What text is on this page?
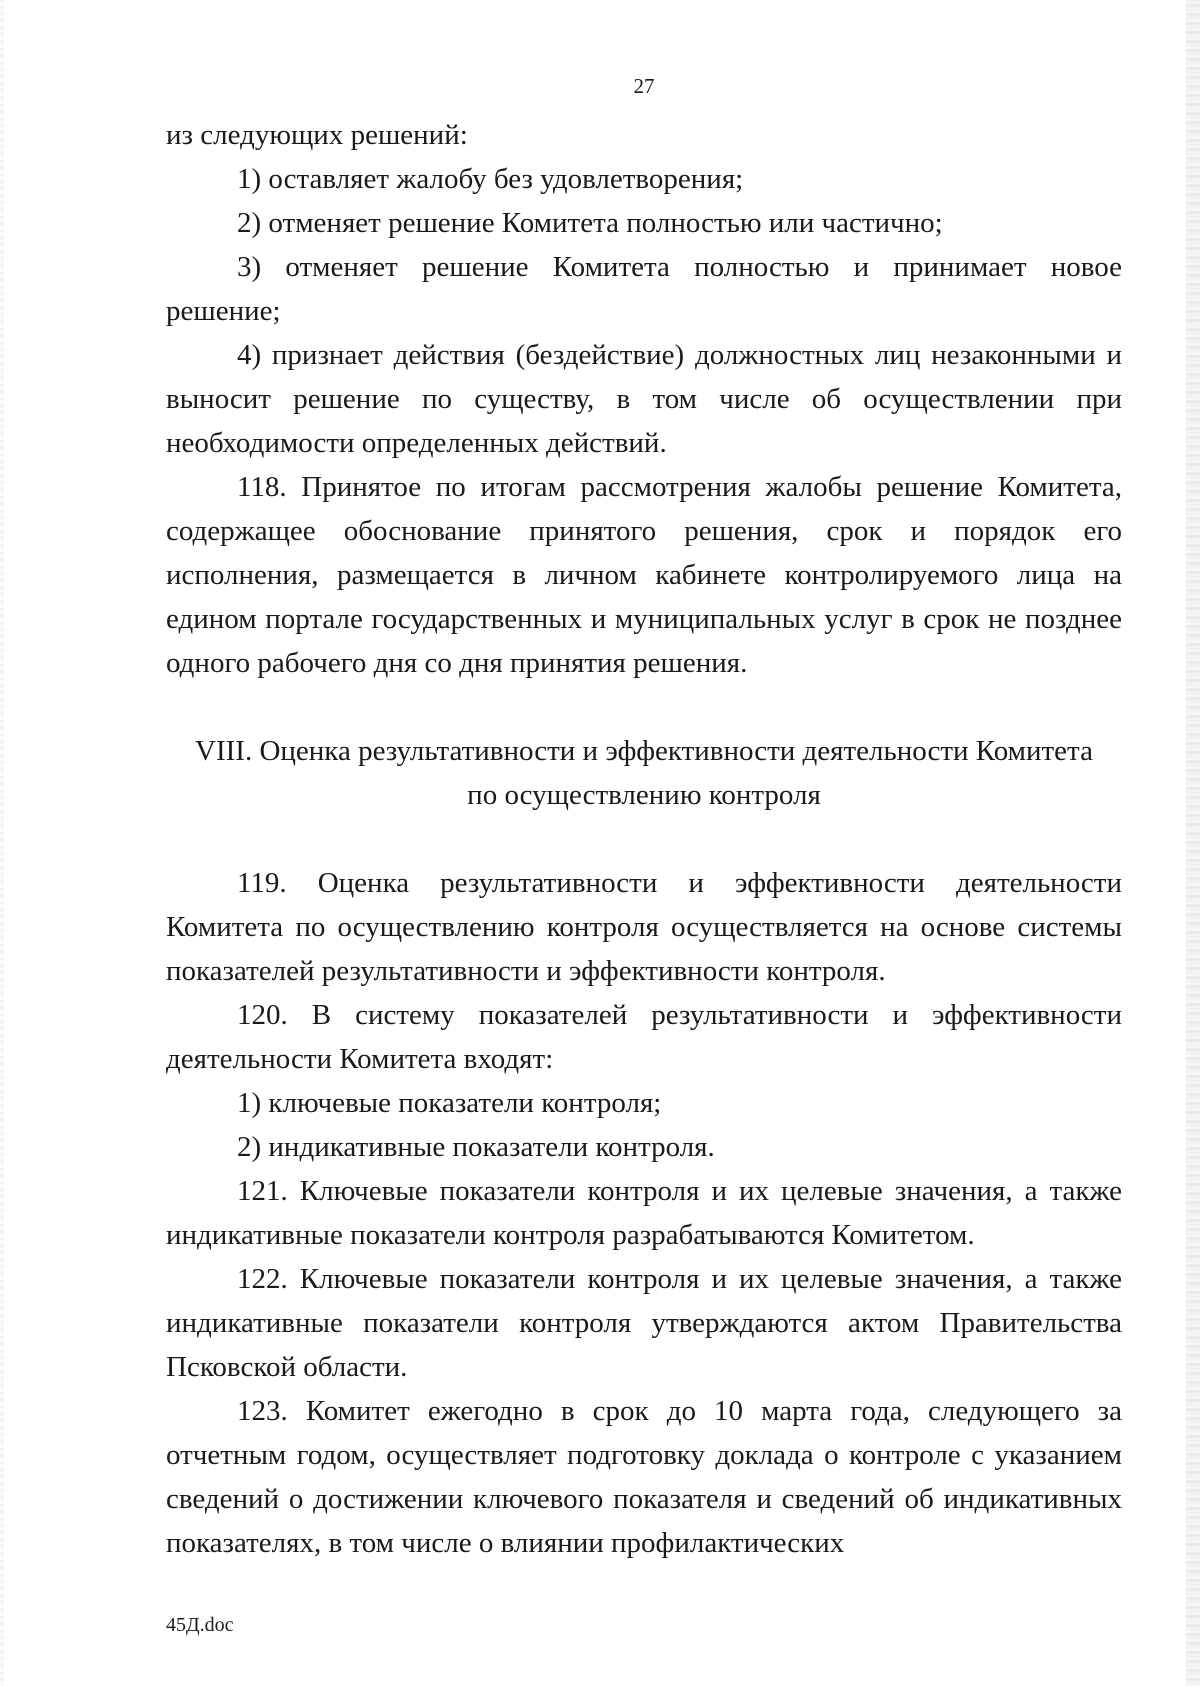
27

из следующих решений:

1) оставляет жалобу без удовлетворения;

2) отменяет решение Комитета полностью или частично;

3) отменяет решение Комитета полностью и принимает новое решение;

4) признает действия (бездействие) должностных лиц незаконными и выносит решение по существу, в том числе об осуществлении при необходимости определенных действий.

118. Принятое по итогам рассмотрения жалобы решение Комитета, содержащее обоснование принятого решения, срок и порядок его исполнения, размещается в личном кабинете контролируемого лица на едином портале государственных и муниципальных услуг в срок не позднее одного рабочего дня со дня принятия решения.

VIII. Оценка результативности и эффективности деятельности Комитета

по осуществлению контроля

119. Оценка результативности и эффективности деятельности Комитета по осуществлению контроля осуществляется на основе системы показателей результативности и эффективности контроля.

120. В систему показателей результативности и эффективности деятельности Комитета входят:

1) ключевые показатели контроля;

2) индикативные показатели контроля.

121. Ключевые показатели контроля и их целевые значения, а также индикативные показатели контроля разрабатываются Комитетом.

122. Ключевые показатели контроля и их целевые значения, а также индикативные показатели контроля утверждаются актом Правительства Псковской области.

123. Комитет ежегодно в срок до 10 марта года, следующего за отчетным годом, осуществляет подготовку доклада о контроле с указанием сведений о достижении ключевого показателя и сведений об индикативных показателях, в том числе о влиянии профилактических

45Д.doc
